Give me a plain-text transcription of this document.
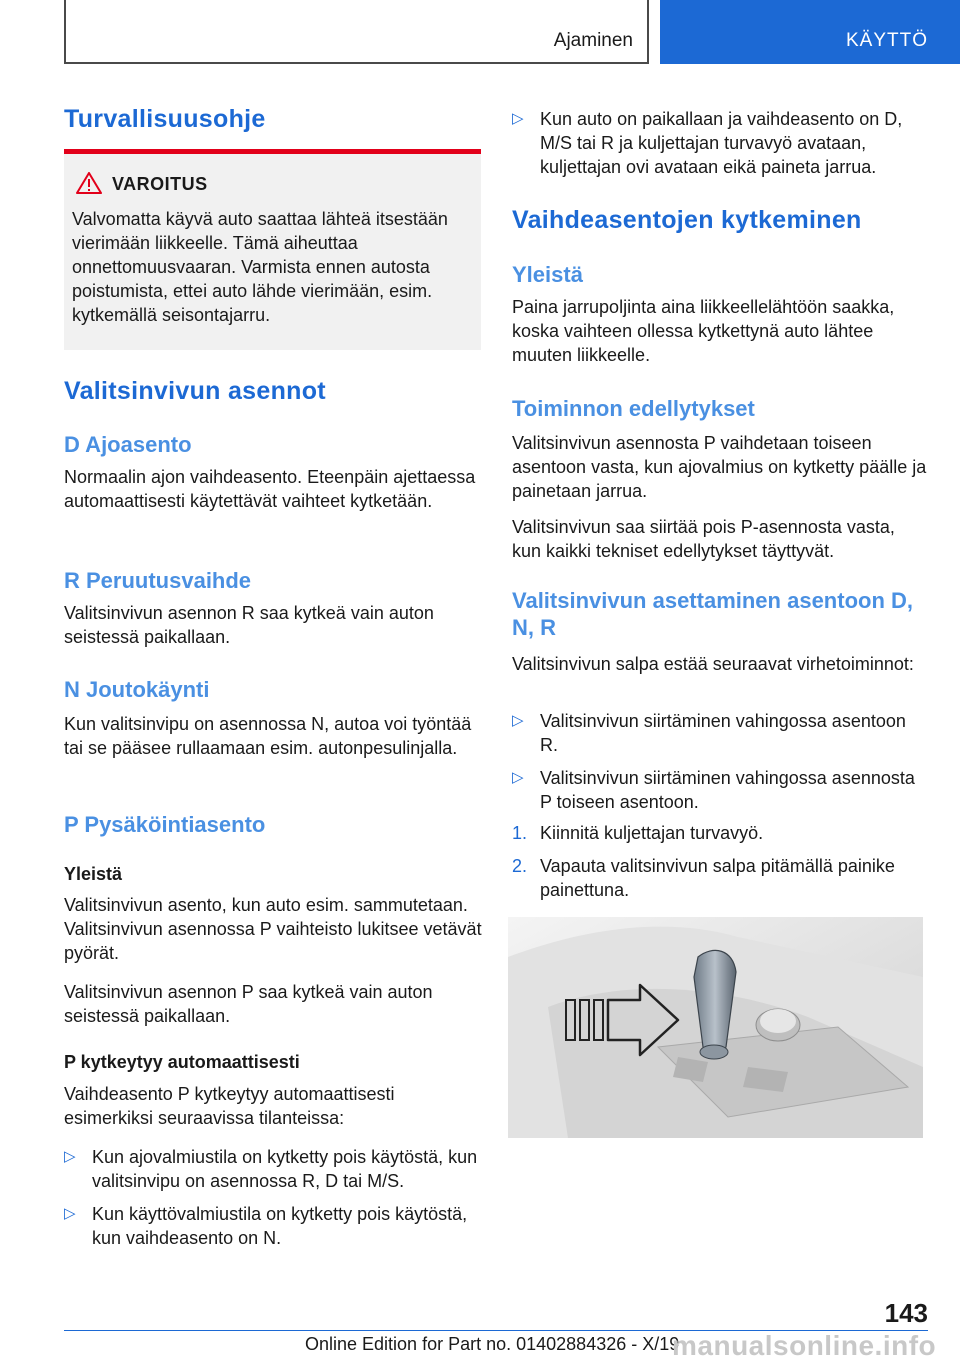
Ajaminen	KÄYTTÖ
Turvallisuusohje
VAROITUS

Valvomatta käyvä auto saattaa lähteä itsestään vierimään liikkeelle. Tämä aiheuttaa onnettomuusvaaran. Varmista ennen autosta poistumista, ettei auto lähde vierimään, esim. kytkemällä seisontajarru.

Valitsinvivun asennot
D Ajoasento

Normaalin ajon vaihdeasento. Eteenpäin ajettaessa automaattisesti käytettävät vaihteet kytketään.

R Peruutusvaihde

Valitsinvivun asennon R saa kytkeä vain auton seistessä paikallaan.

N Joutokäynti

Kun valitsinvipu on asennossa N, autoa voi työntää tai se pääsee rullaamaan esim. autonpesulinjalla.

P Pysäköintiasento
Yleistä

Valitsinvivun asento, kun auto esim. sammutetaan. Valitsinvivun asennossa P vaihteisto lukitsee vetävät pyörät.

Valitsinvivun asennon P saa kytkeä vain auton seistessä paikallaan.

P kytkeytyy automaattisesti

Vaihdeasento P kytkeytyy automaattisesti esimerkiksi seuraavissa tilanteissa:

▷ Kun ajovalmiustila on kytketty pois käytöstä, kun valitsinvipu on asennossa R, D tai M/S.

▷ Kun käyttövalmiustila on kytketty pois käytöstä, kun vaihdeasento on N.

▷ Kun auto on paikallaan ja vaihdeasento on D, M/S tai R ja kuljettajan turvavyö avataan, kuljettajan ovi avataan eikä paineta jarrua.

Vaihdeasentojen kytkeminen
Yleistä

Paina jarrupoljinta aina liikkeellelähtöön saakka, koska vaihteen ollessa kytkettynä auto lähtee muuten liikkeelle.

Toiminnon edellytykset

Valitsinvivun asennosta P vaihdetaan toiseen asentoon vasta, kun ajovalmius on kytketty päälle ja painetaan jarrua.

Valitsinvivun saa siirtää pois P-asennosta vasta, kun kaikki tekniset edellytykset täyttyvät.

Valitsinvivun asettaminen asentoon D, N, R

Valitsinvivun salpa estää seuraavat virhetoiminnot:

▷ Valitsinvivun siirtäminen vahingossa asentoon R.

▷ Valitsinvivun siirtäminen vahingossa asennosta P toiseen asentoon.

1. Kiinnitä kuljettajan turvavyö.

2. Vapauta valitsinvivun salpa pitämällä painike painettuna.

143
Online Edition for Part no. 01402884326 - X/19
manualsonline.info
